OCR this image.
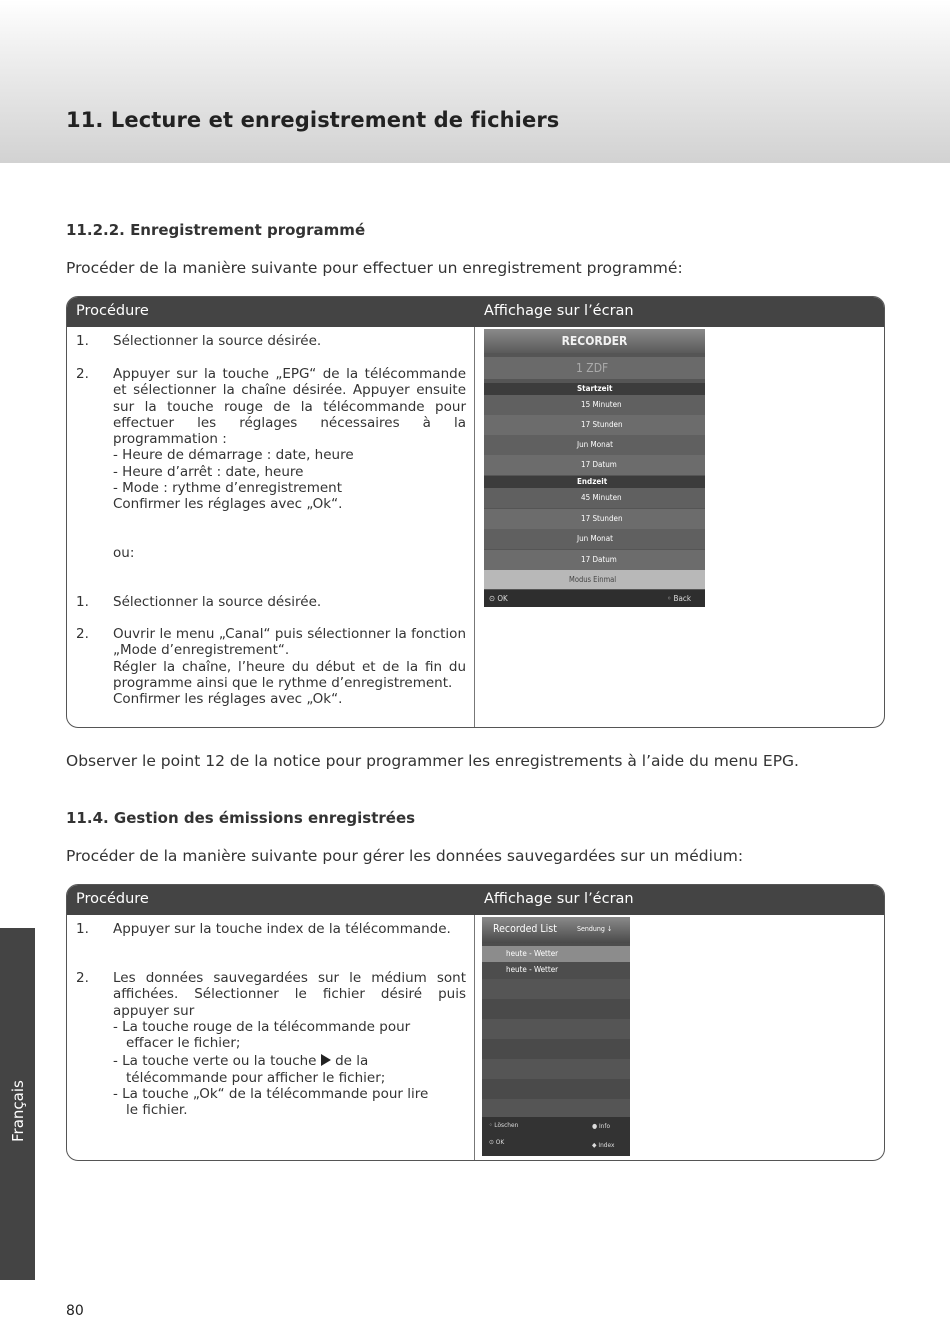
11. Lecture et enregistrement de fichiers
11.2.2. Enregistrement programmé

Procéder de la manière suivante pour effectuer un enregistrement programmé:

Procédure	Affichage sur l’écran
1. Sélectionner la source désirée.
2. Appuyer sur la touche „EPG“ de la télécommande et sélectionner la chaîne désirée. Appuyer ensuite sur la touche rouge de la télécommande pour effectuer les réglages nécessaires à la programmation :
- Heure de démarrage : date, heure
- Heure d’arrêt : date, heure
- Mode : rythme d’enregistrement
Confirmer les réglages avec „Ok“.
ou:
1. Sélectionner la source désirée.
2. Ouvrir le menu „Canal“ puis sélectionner la fonction „Mode d’enregistrement“.
Régler la chaîne, l’heure du début et de la fin du programme ainsi que le rythme d’enregistrement.
Confirmer les réglages avec „Ok“.
RECORDER
1 ZDF
Startzeit
15 Minuten
17 Stunden
Jun Monat
17 Datum
Endzeit
45 Minuten
17 Stunden
Jun Monat
17 Datum
Modus Einmal
⊙ OK	◦ Back

Observer le point 12 de la notice pour programmer les enregistrements à l’aide du menu EPG.

11.4. Gestion des émissions enregistrées

Procéder de la manière suivante pour gérer les données sauvegardées sur un médium:

Procédure	Affichage sur l’écran
1. Appuyer sur la touche index de la télécommande.
2. Les données sauvegardées sur le médium sont affichées. Sélectionner le fichier désiré puis appuyer sur
- La touche rouge de la télécommande pour
effacer le fichier;
- La touche verte ou la touche de la
télécommande pour afficher le fichier;
- La touche „Ok“ de la télécommande pour lire
le fichier.
Recorded List	Sendung ↓
heute - Wetter
heute - Wetter
◦ Löschen
⊙ OK
● Info
◆ Index
Français
80
